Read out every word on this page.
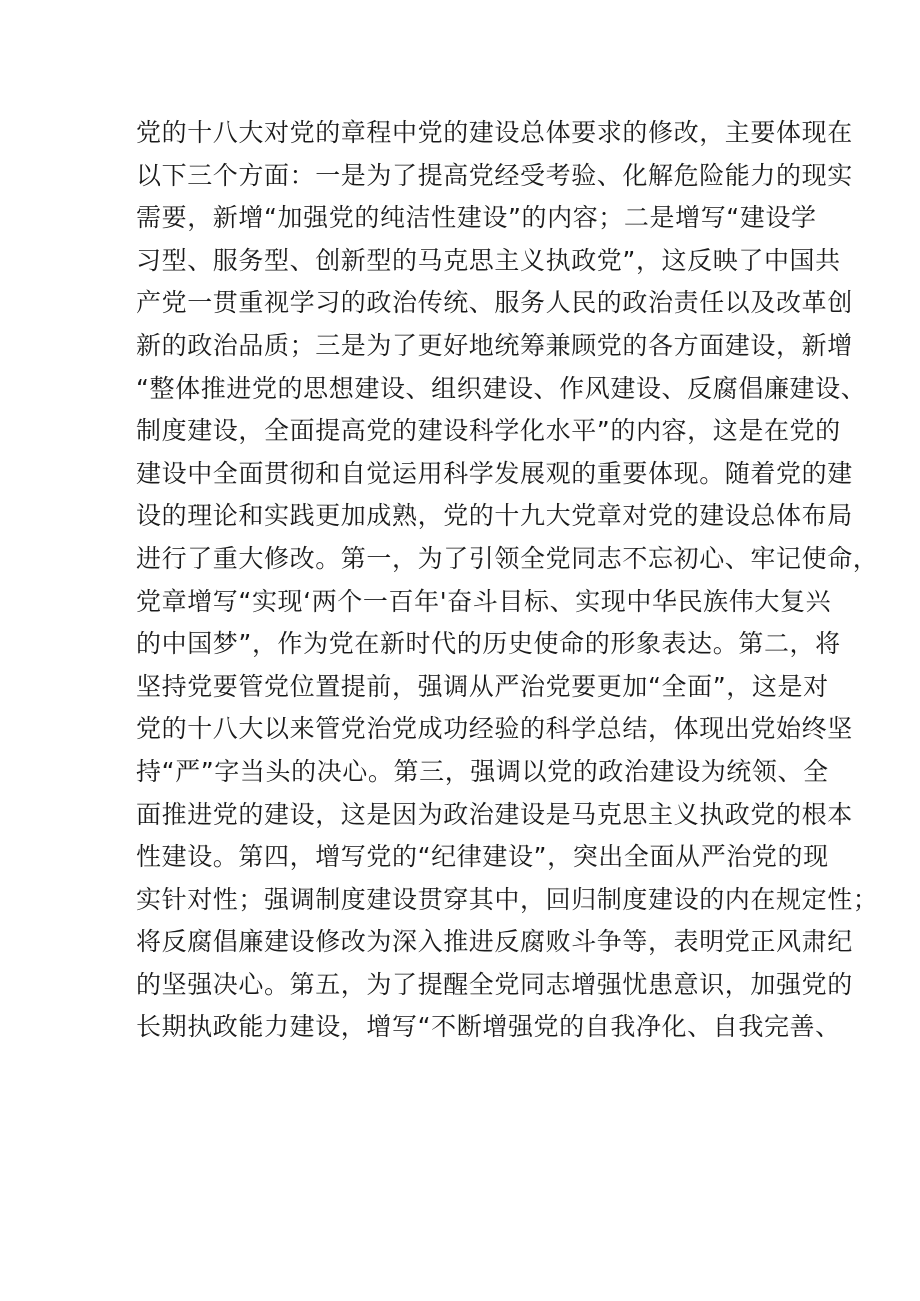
党的十八大对党的章程中党的建设总体要求的修改，主要体现在
以下三个方面：一是为了提高党经受考验、化解危险能力的现实
需要，新增“加强党的纯洁性建设”的内容；二是增写“建设学
习型、服务型、创新型的马克思主义执政党”，这反映了中国共
产党一贯重视学习的政治传统、服务人民的政治责任以及改革创
新的政治品质；三是为了更好地统筹兼顾党的各方面建设，新增
“整体推进党的思想建设、组织建设、作风建设、反腐倡廉建设、
制度建设，全面提高党的建设科学化水平”的内容，这是在党的
建设中全面贯彻和自觉运用科学发展观的重要体现。随着党的建
设的理论和实践更加成熟，党的十九大党章对党的建设总体布局
进行了重大修改。第一，为了引领全党同志不忘初心、牢记使命，
党章增写“实现‘两个一百年'奋斗目标、实现中华民族伟大复兴
的中国梦”，作为党在新时代的历史使命的形象表达。第二，将
坚持党要管党位置提前，强调从严治党要更加“全面”，这是对
党的十八大以来管党治党成功经验的科学总结，体现出党始终坚
持“严”字当头的决心。第三，强调以党的政治建设为统领、全
面推进党的建设，这是因为政治建设是马克思主义执政党的根本
性建设。第四，增写党的“纪律建设”，突出全面从严治党的现
实针对性；强调制度建设贯穿其中，回归制度建设的内在规定性；
将反腐倡廉建设修改为深入推进反腐败斗争等，表明党正风肃纪
的坚强决心。第五，为了提醒全党同志增强忧患意识，加强党的
长期执政能力建设，增写“不断增强党的自我净化、自我完善、
